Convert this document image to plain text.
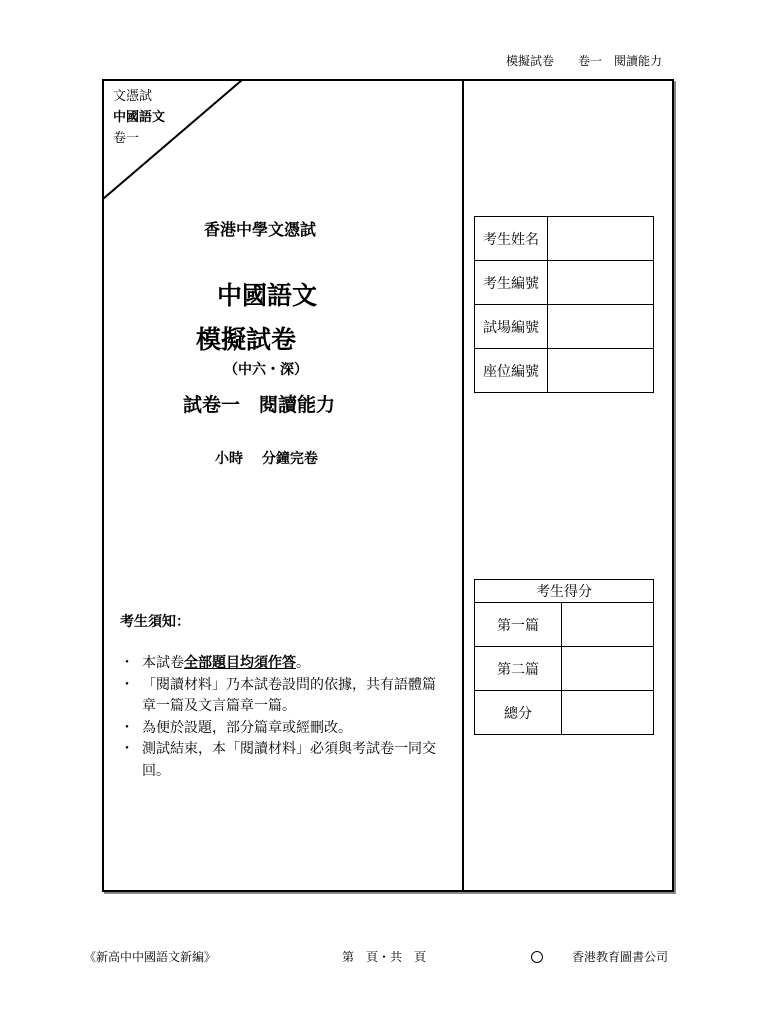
模擬試卷　　卷一　閱讀能力
文憑試
中國語文
卷一
香港中學文憑試
中國語文
模擬試卷
（中六・深）
試卷一　閱讀能力
小時　 分鐘完卷
考生姓名	
考生編號	
試場編號	
座位編號	
考生得分	
第一篇	
第二篇	
總分	
考生須知：
・ 本試卷全部題目均須作答。
・ 「閱讀材料」乃本試卷設問的依據，共有語體篇章一篇及文言篇章一篇。
・ 為便於設題，部分篇章或經刪改。
・ 測試結束，本「閱讀材料」必須與考試卷一同交回。
《新高中中國語文新編》	第　頁・共　頁	香港教育圖書公司
